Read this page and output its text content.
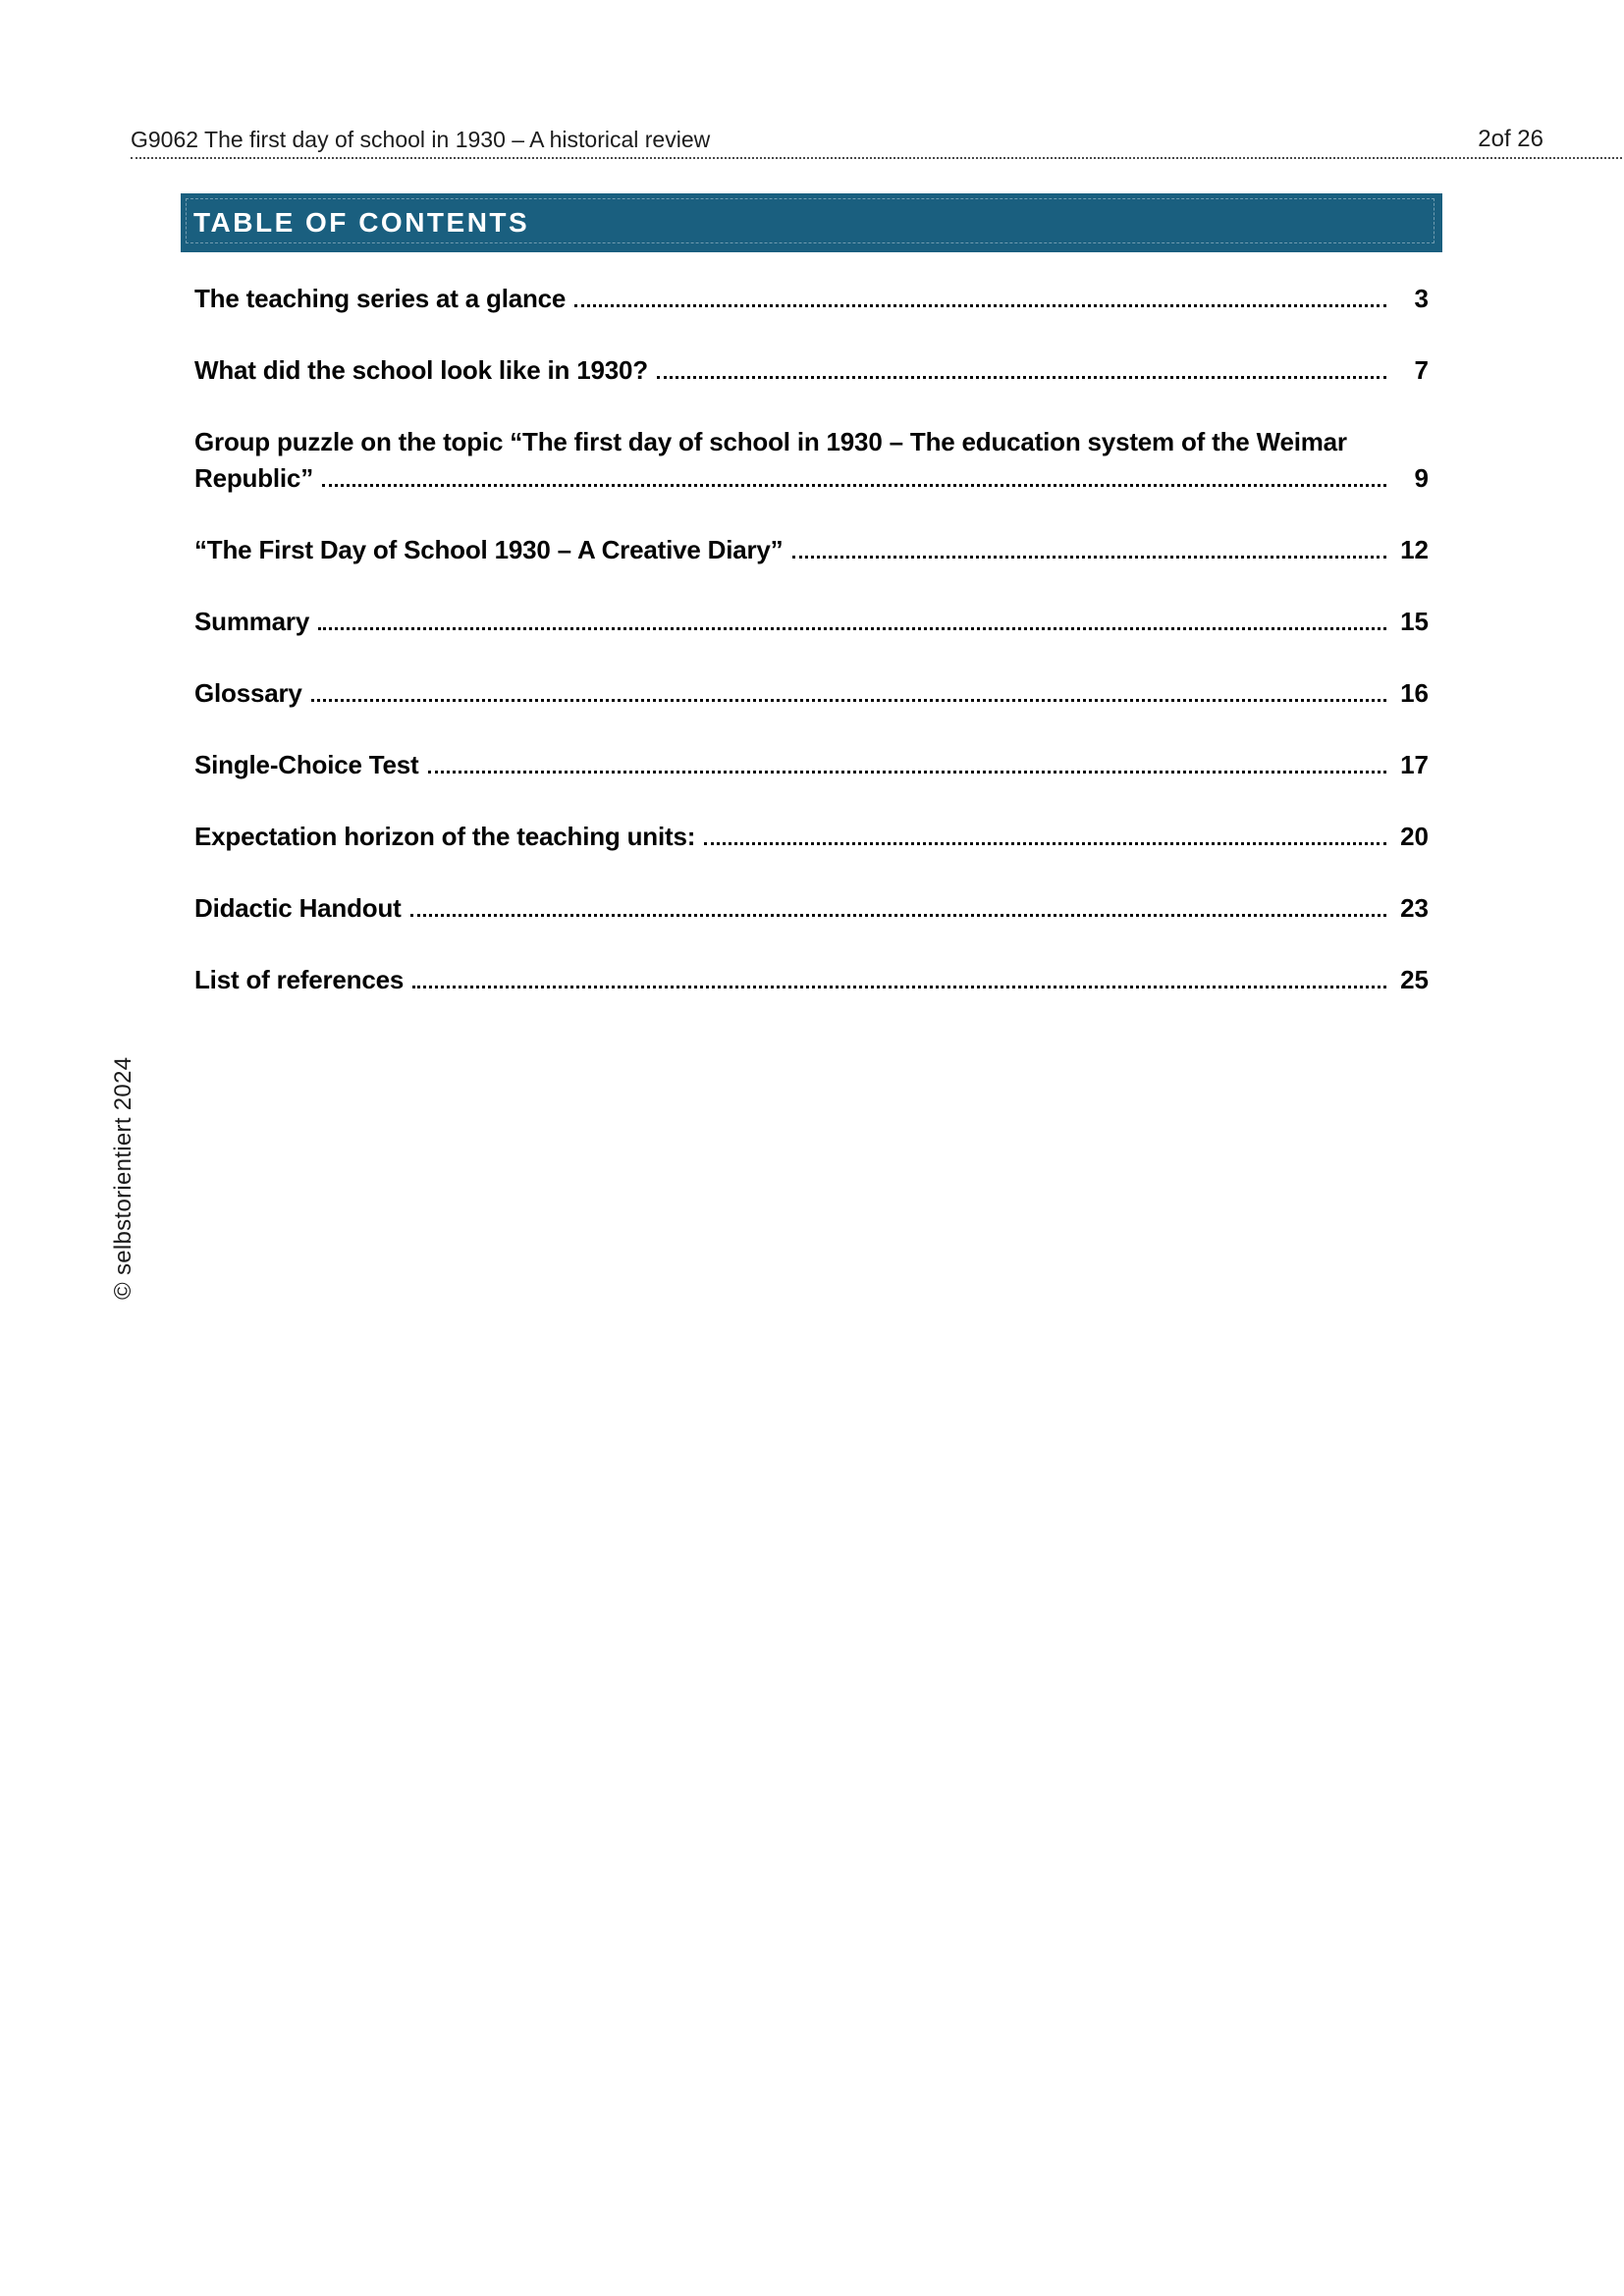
G9062 The first day of school in 1930 – A historical review	2of 26
TABLE OF CONTENTS
The teaching series at a glance	3
What did the school look like in 1930?	7
Group puzzle on the topic “The first day of school in 1930 – The education system of the Weimar
Republic”	9
“The First Day of School 1930 – A Creative Diary”	12
Summary	15
Glossary	16
Single-Choice Test	17
Expectation horizon of the teaching units:	20
Didactic Handout	23
List of references	25
© selbstorientiert 2024
